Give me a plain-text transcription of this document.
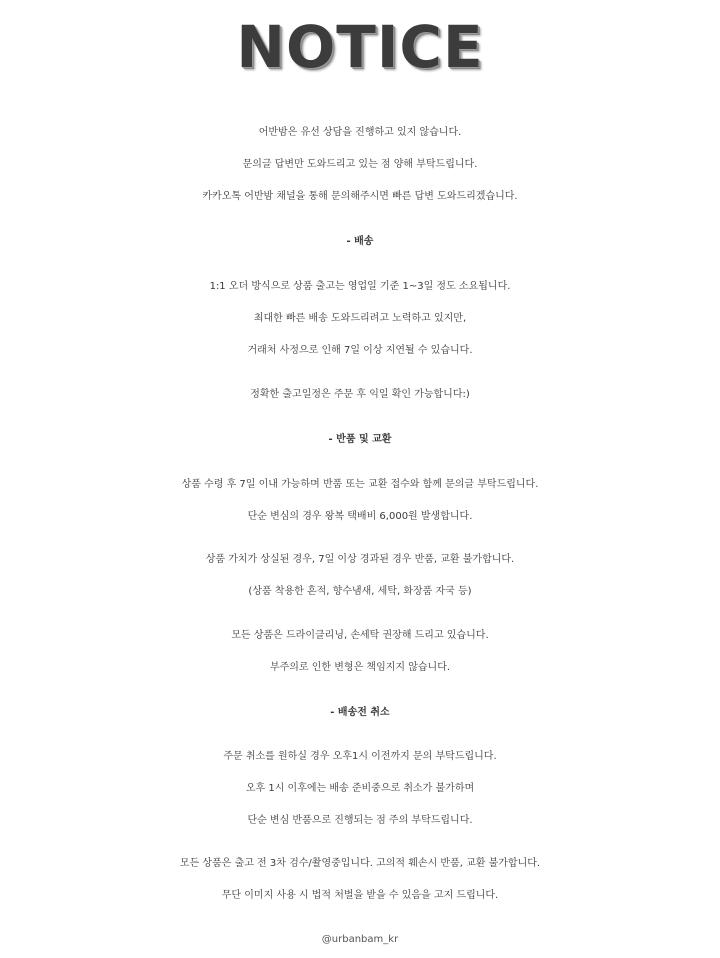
NOTICE
어반밤은 유선 상담을 진행하고 있지 않습니다.
문의글 답변만 도와드리고 있는 점 양해 부탁드립니다.
카카오톡 어반밤 채널을 통해 문의해주시면 빠른 답변 도와드리겠습니다.
- 배송
1:1 오더 방식으로 상품 출고는 영업일 기준 1~3일 정도 소요됩니다.
최대한 빠른 배송 도와드리려고 노력하고 있지만,
거래처 사정으로 인해 7일 이상 지연될 수 있습니다.
정확한 출고일정은 주문 후 익일 확인 가능합니다:)
- 반품 및 교환
상품 수령 후 7일 이내 가능하며 반품 또는 교환 접수와 함께 문의글 부탁드립니다.
단순 변심의 경우 왕복 택배비 6,000원 발생합니다.
상품 가치가 상실된 경우, 7일 이상 경과된 경우 반품, 교환 불가합니다.
(상품 착용한 흔적, 향수냄새, 세탁, 화장품 자국 등)
모든 상품은 드라이클리닝, 손세탁 권장해 드리고 있습니다.
부주의로 인한 변형은 책임지지 않습니다.
- 배송전 취소
주문 취소를 원하실 경우 오후1시 이전까지 문의 부탁드립니다.
오후 1시 이후에는 배송 준비중으로 취소가 불가하며
단순 변심 반품으로 진행되는 점 주의 부탁드립니다.
모든 상품은 출고 전 3차 검수/촬영중입니다. 고의적 훼손시 반품, 교환 불가합니다.
무단 이미지 사용 시 법적 처벌을 받을 수 있음을 고지 드립니다.
@urbanbam_kr
